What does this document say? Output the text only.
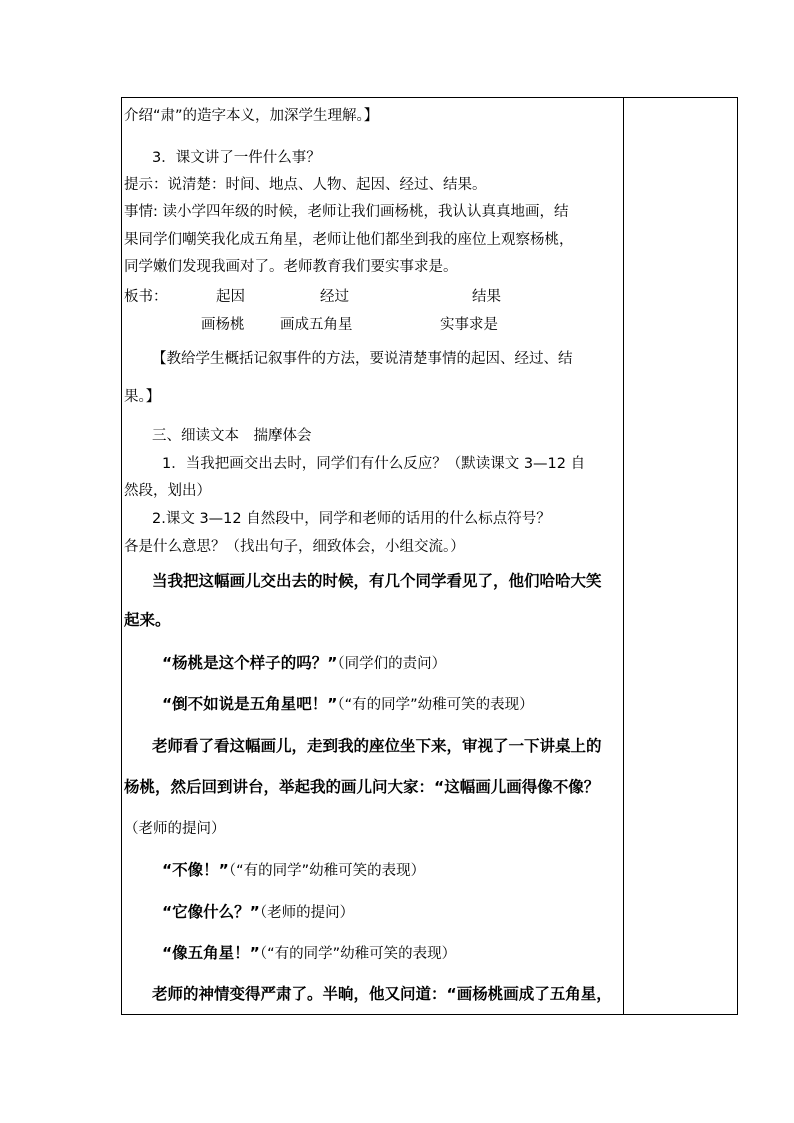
介绍“肃”的造字本义，加深学生理解。】
3．课文讲了一件什么事？
提示：说清楚：时间、地点、人物、起因、经过、结果。
事情: 读小学四年级的时候，老师让我们画杨桃，我认认真真地画，结
果同学们嘲笑我化成五角星，老师让他们都坐到我的座位上观察杨桃，
同学嫩们发现我画对了。老师教育我们要实事求是。
板书：	起因	经过	结果
画杨桃 画成五角星	实事求是
【教给学生概括记叙事件的方法，要说清楚事情的起因、经过、结
果。】
三、细读文本　揣摩体会
1．当我把画交出去时，同学们有什么反应？（默读课文 3—12 自
然段，划出）
2.课文 3—12 自然段中，同学和老师的话用的什么标点符号？
各是什么意思？（找出句子，细致体会，小组交流。）
当我把这幅画儿交出去的时候，有几个同学看见了，他们哈哈大笑
起来。
“杨桃是这个样子的吗？”（同学们的责问）
“倒不如说是五角星吧！”（“有的同学”幼稚可笑的表现）
老师看了看这幅画儿，走到我的座位坐下来，审视了一下讲桌上的
杨桃，然后回到讲台，举起我的画儿问大家：“这幅画儿画得像不像？
（老师的提问）
“不像！”（“有的同学”幼稚可笑的表现）
“它像什么？”（老师的提问）
“像五角星！”（“有的同学”幼稚可笑的表现）
老师的神情变得严肃了。半晌，他又问道：“画杨桃画成了五角星，
